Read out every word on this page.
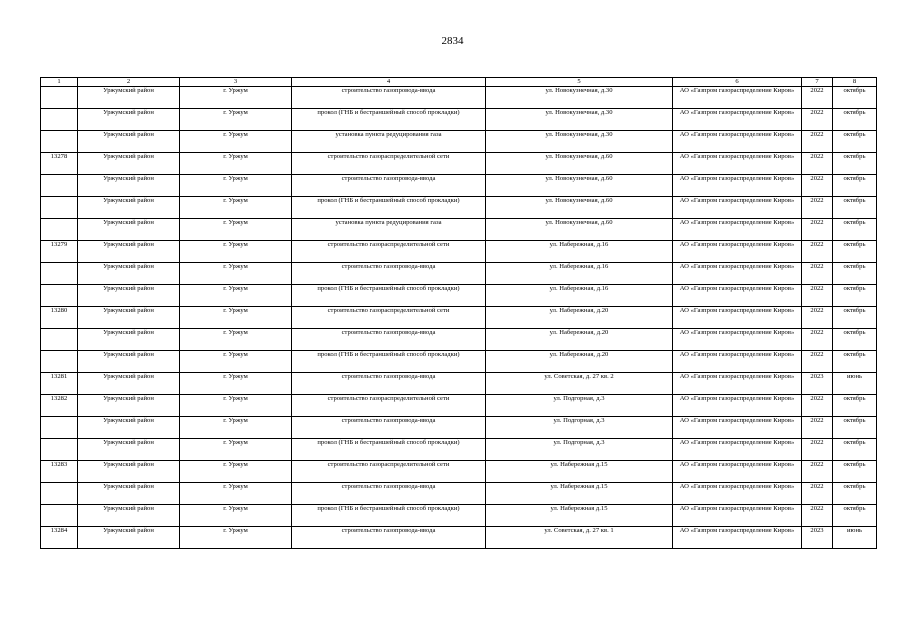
2834
1	2	3	4	5	6	7	8
	Уржумский район	г. Уржум	строительство газопровода-ввода	ул. Новокузнечная, д.30	АО «Газпром газораспределение Киров»	2022	октябрь
	Уржумский район	г. Уржум	прокол (ГНБ и бестраншейный способ прокладки)	ул. Новокузнечная, д.30	АО «Газпром газораспределение Киров»	2022	октябрь
	Уржумский район	г. Уржум	установка пункта редуцирования газа	ул. Новокузнечная, д.30	АО «Газпром газораспределение Киров»	2022	октябрь
13278	Уржумский район	г. Уржум	строительство газораспределительной сети	ул. Новокузнечная, д.60	АО «Газпром газораспределение Киров»	2022	октябрь
	Уржумский район	г. Уржум	строительство газопровода-ввода	ул. Новокузнечная, д.60	АО «Газпром газораспределение Киров»	2022	октябрь
	Уржумский район	г. Уржум	прокол (ГНБ и бестраншейный способ прокладки)	ул. Новокузнечная, д.60	АО «Газпром газораспределение Киров»	2022	октябрь
	Уржумский район	г. Уржум	установка пункта редуцирования газа	ул. Новокузнечная, д.60	АО «Газпром газораспределение Киров»	2022	октябрь
13279	Уржумский район	г. Уржум	строительство газораспределительной сети	ул. Набережная, д.16	АО «Газпром газораспределение Киров»	2022	октябрь
	Уржумский район	г. Уржум	строительство газопровода-ввода	ул. Набережная, д.16	АО «Газпром газораспределение Киров»	2022	октябрь
	Уржумский район	г. Уржум	прокол (ГНБ и бестраншейный способ прокладки)	ул. Набережная, д.16	АО «Газпром газораспределение Киров»	2022	октябрь
13280	Уржумский район	г. Уржум	строительство газораспределительной сети	ул. Набережная, д.20	АО «Газпром газораспределение Киров»	2022	октябрь
	Уржумский район	г. Уржум	строительство газопровода-ввода	ул. Набережная, д.20	АО «Газпром газораспределение Киров»	2022	октябрь
	Уржумский район	г. Уржум	прокол (ГНБ и бестраншейный способ прокладки)	ул. Набережная, д.20	АО «Газпром газораспределение Киров»	2022	октябрь
13281	Уржумский район	г. Уржум	строительство газопровода-ввода	ул. Советская, д. 27 кв. 2	АО «Газпром газораспределение Киров»	2023	июнь
13282	Уржумский район	г. Уржум	строительство газораспределительной сети	ул. Подгорная, д.3	АО «Газпром газораспределение Киров»	2022	октябрь
	Уржумский район	г. Уржум	строительство газопровода-ввода	ул. Подгорная, д.3	АО «Газпром газораспределение Киров»	2022	октябрь
	Уржумский район	г. Уржум	прокол (ГНБ и бестраншейный способ прокладки)	ул. Подгорная, д.3	АО «Газпром газораспределение Киров»	2022	октябрь
13283	Уржумский район	г. Уржум	строительство газораспределительной сети	ул. Набережная д.15	АО «Газпром газораспределение Киров»	2022	октябрь
	Уржумский район	г. Уржум	строительство газопровода-ввода	ул. Набережная д.15	АО «Газпром газораспределение Киров»	2022	октябрь
	Уржумский район	г. Уржум	прокол (ГНБ и бестраншейный способ прокладки)	ул. Набережная д.15	АО «Газпром газораспределение Киров»	2022	октябрь
13284	Уржумский район	г. Уржум	строительство газопровода-ввода	ул. Советская, д. 27 кв. 1	АО «Газпром газораспределение Киров»	2023	июнь
